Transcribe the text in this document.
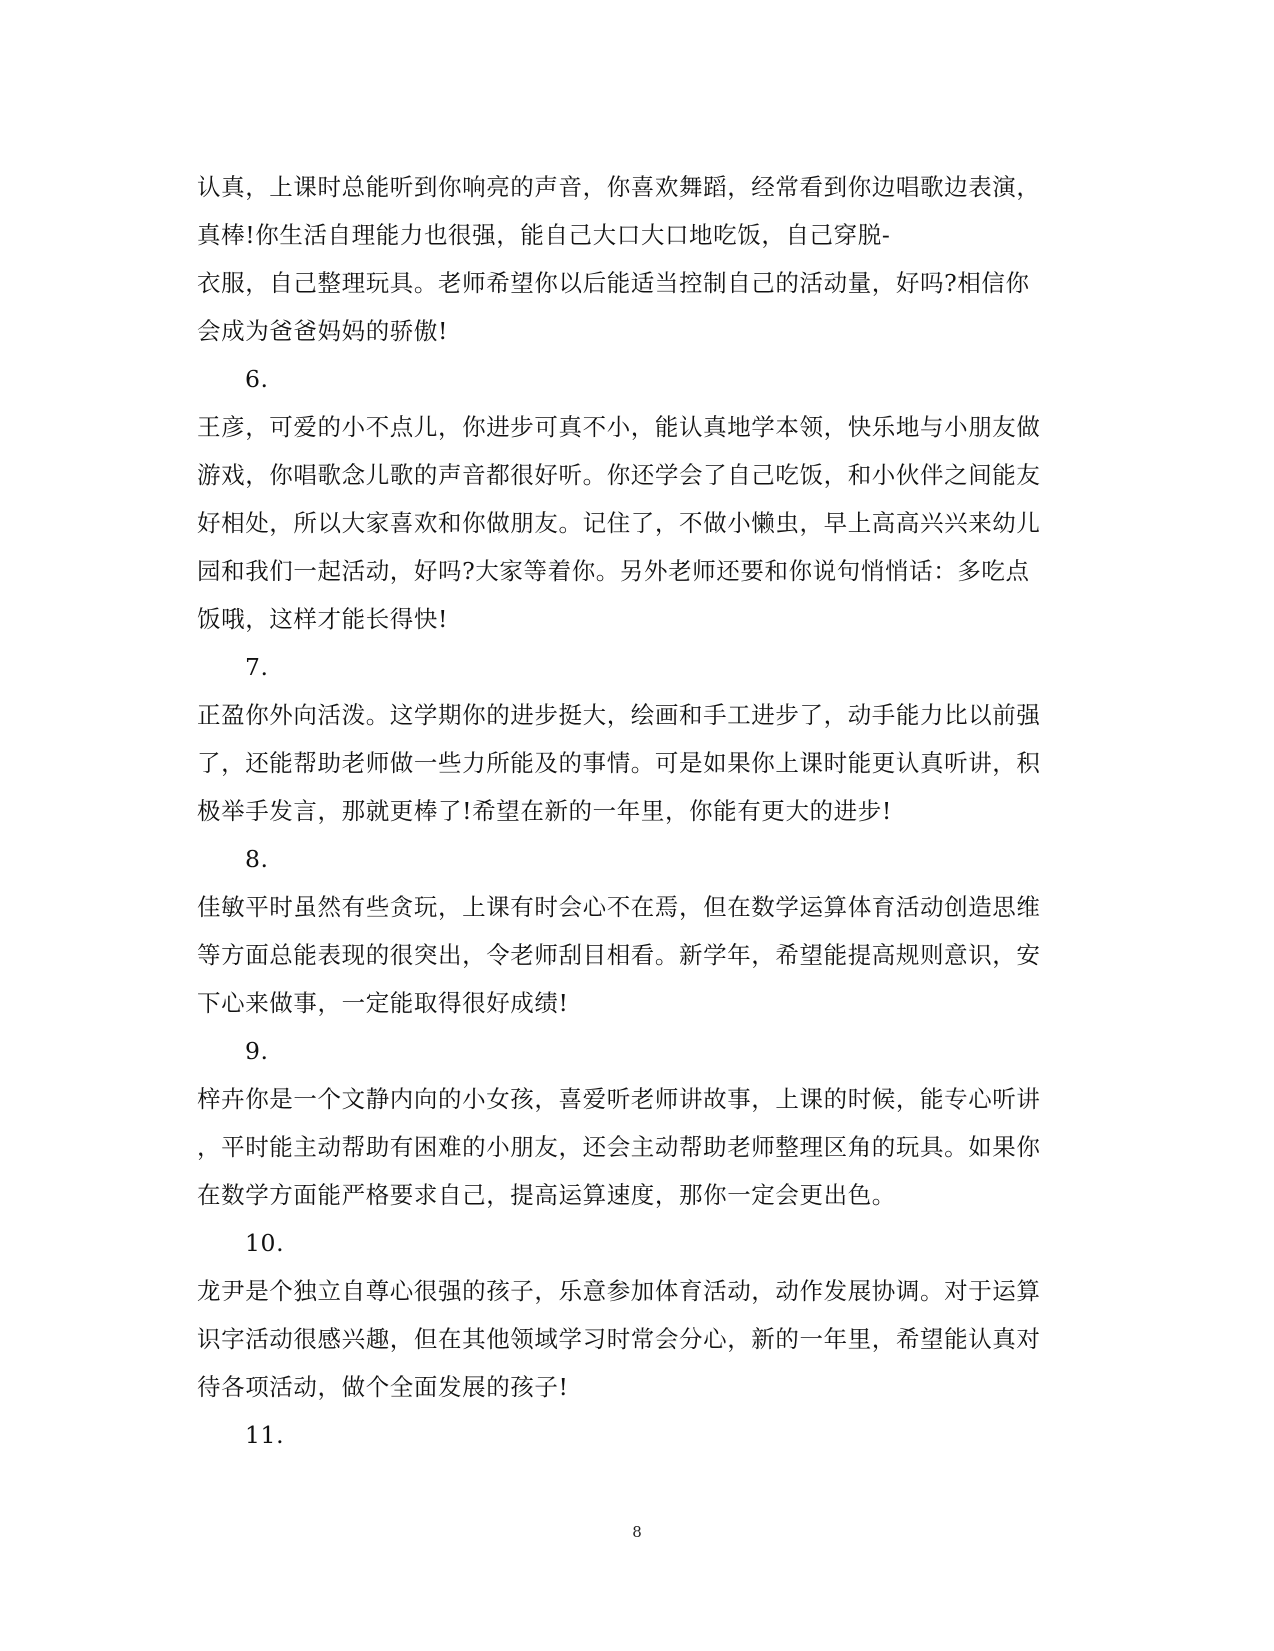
认真，上课时总能听到你响亮的声音，你喜欢舞蹈，经常看到你边唱歌边表演，
真棒!你生活自理能力也很强，能自己大口大口地吃饭，自己穿脱-
衣服，自己整理玩具。老师希望你以后能适当控制自己的活动量，好吗?相信你
会成为爸爸妈妈的骄傲!
6.
王彦，可爱的小不点儿，你进步可真不小，能认真地学本领，快乐地与小朋友做
游戏，你唱歌念儿歌的声音都很好听。你还学会了自己吃饭，和小伙伴之间能友
好相处，所以大家喜欢和你做朋友。记住了，不做小懒虫，早上高高兴兴来幼儿
园和我们一起活动，好吗?大家等着你。另外老师还要和你说句悄悄话：多吃点
饭哦，这样才能长得快!
7.
正盈你外向活泼。这学期你的进步挺大，绘画和手工进步了，动手能力比以前强
了，还能帮助老师做一些力所能及的事情。可是如果你上课时能更认真听讲，积
极举手发言，那就更棒了!希望在新的一年里，你能有更大的进步!
8.
佳敏平时虽然有些贪玩，上课有时会心不在焉，但在数学运算体育活动创造思维
等方面总能表现的很突出，令老师刮目相看。新学年，希望能提高规则意识，安
下心来做事，一定能取得很好成绩!
9.
梓卉你是一个文静内向的小女孩，喜爱听老师讲故事，上课的时候，能专心听讲
，平时能主动帮助有困难的小朋友，还会主动帮助老师整理区角的玩具。如果你
在数学方面能严格要求自己，提高运算速度，那你一定会更出色。
10.
龙尹是个独立自尊心很强的孩子，乐意参加体育活动，动作发展协调。对于运算
识字活动很感兴趣，但在其他领域学习时常会分心，新的一年里，希望能认真对
待各项活动，做个全面发展的孩子!
11.
8
